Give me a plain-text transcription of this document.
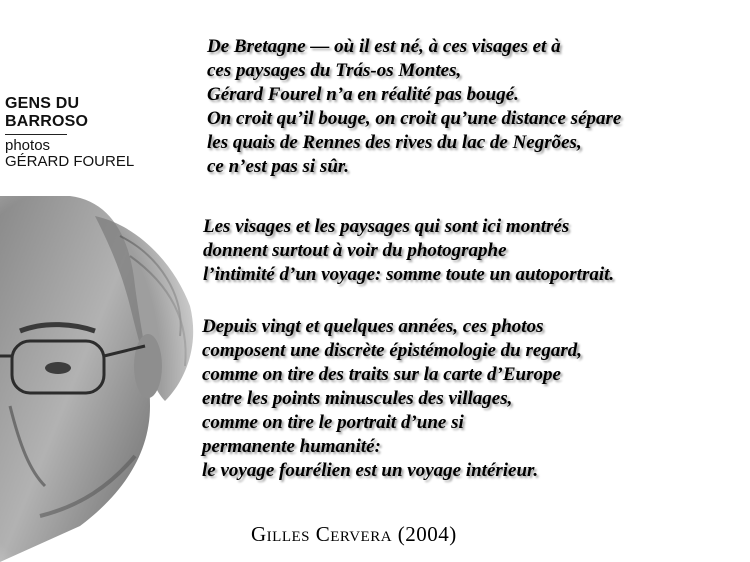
GENS DU
BARROSO
photos
GÉRARD FOUREL
De Bretagne — où il est né, à ces visages et à
ces paysages du Trás-os Montes,
Gérard Fourel n’a en réalité pas bougé.
On croit qu’il bouge, on croit qu’une distance sépare
les quais de Rennes des rives du lac de Negrões,
ce n’est pas si sûr.
Les visages et les paysages qui sont ici montrés
donnent surtout à voir du photographe
l’intimité d’un voyage: somme toute un autoportrait.
Depuis vingt et quelques années, ces photos
composent une discrète épistémologie du regard,
comme on tire des traits sur la carte d’Europe
entre les points minuscules des villages,
comme on tire le portrait d’une si
permanente humanité:
le voyage fourélien est un voyage intérieur.
Gilles Cervera (2004)
